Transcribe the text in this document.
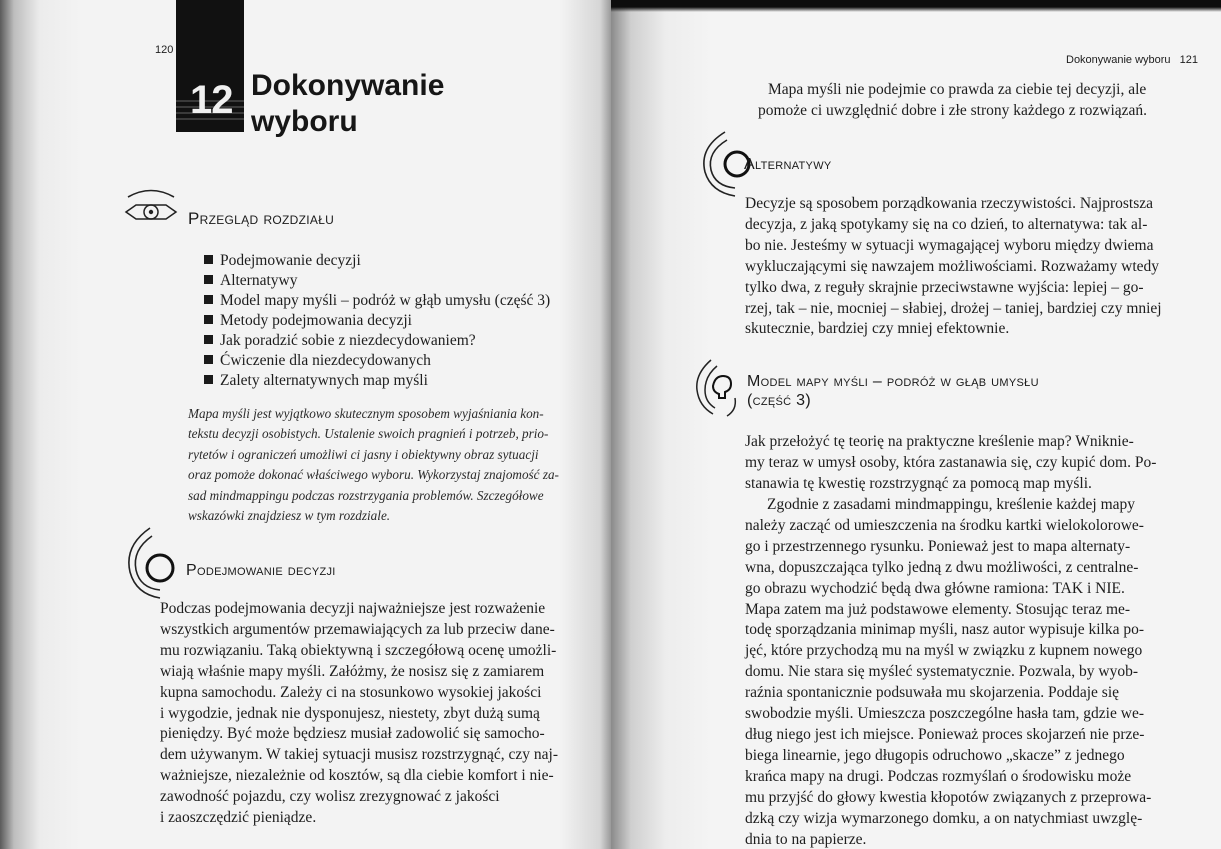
120
12 Dokonywanie
wyboru
Przegląd rozdziału
Podejmowanie decyzji
Alternatywy
Model mapy myśli – podróż w głąb umysłu (część 3)
Metody podejmowania decyzji
Jak poradzić sobie z niezdecydowaniem?
Ćwiczenie dla niezdecydowanych
Zalety alternatywnych map myśli
Mapa myśli jest wyjątkowo skutecznym sposobem wyjaśniania kon-
tekstu decyzji osobistych. Ustalenie swoich pragnień i potrzeb, prio-
rytetów i ograniczeń umożliwi ci jasny i obiektywny obraz sytuacji
oraz pomoże dokonać właściwego wyboru. Wykorzystaj znajomość za-
sad mindmappingu podczas rozstrzygania problemów. Szczegółowe
wskazówki znajdziesz w tym rozdziale.
Podejmowanie decyzji
Podczas podejmowania decyzji najważniejsze jest rozważenie
wszystkich argumentów przemawiających za lub przeciw dane-
mu rozwiązaniu. Taką obiektywną i szczegółową ocenę umożli-
wiają właśnie mapy myśli. Załóżmy, że nosisz się z zamiarem
kupna samochodu. Zależy ci na stosunkowo wysokiej jakości
i wygodzie, jednak nie dysponujesz, niestety, zbyt dużą sumą
pieniędzy. Być może będziesz musiał zadowolić się samocho-
dem używanym. W takiej sytuacji musisz rozstrzygnąć, czy naj-
ważniejsze, niezależnie od kosztów, są dla ciebie komfort i nie-
zawodność pojazdu, czy wolisz zrezygnować z jakości
i zaoszczędzić pieniądze.
Dokonywanie wyboru 121
Mapa myśli nie podejmie co prawda za ciebie tej decyzji, ale
pomoże ci uwzględnić dobre i złe strony każdego z rozwiązań.
Alternatywy
Decyzje są sposobem porządkowania rzeczywistości. Najprostsza
decyzja, z jaką spotykamy się na co dzień, to alternatywa: tak al-
bo nie. Jesteśmy w sytuacji wymagającej wyboru między dwiema
wykluczającymi się nawzajem możliwościami. Rozważamy wtedy
tylko dwa, z reguły skrajnie przeciwstawne wyjścia: lepiej – go-
rzej, tak – nie, mocniej – słabiej, drożej – taniej, bardziej czy mniej
skutecznie, bardziej czy mniej efektownie.
Model mapy myśli – podróż w głąb umysłu
(część 3)
Jak przełożyć tę teorię na praktyczne kreślenie map? Wniknie-
my teraz w umysł osoby, która zastanawia się, czy kupić dom. Po-
stanawia tę kwestię rozstrzygnąć za pomocą map myśli.
Zgodnie z zasadami mindmappingu, kreślenie każdej mapy
należy zacząć od umieszczenia na środku kartki wielokolorowe-
go i przestrzennego rysunku. Ponieważ jest to mapa alternaty-
wna, dopuszczająca tylko jedną z dwu możliwości, z centralne-
go obrazu wychodzić będą dwa główne ramiona: TAK i NIE.
Mapa zatem ma już podstawowe elementy. Stosując teraz me-
todę sporządzania minimap myśli, nasz autor wypisuje kilka po-
jęć, które przychodzą mu na myśl w związku z kupnem nowego
domu. Nie stara się myśleć systematycznie. Pozwala, by wyob-
raźnia spontanicznie podsuwała mu skojarzenia. Poddaje się
swobodzie myśli. Umieszcza poszczególne hasła tam, gdzie we-
dług niego jest ich miejsce. Ponieważ proces skojarzeń nie prze-
biega linearnie, jego długopis odruchowo „skacze” z jednego
krańca mapy na drugi. Podczas rozmyślań o środowisku może
mu przyjść do głowy kwestia kłopotów związanych z przeprowa-
dzką czy wizja wymarzonego domku, a on natychmiast uwzglę-
dnia to na papierze.
